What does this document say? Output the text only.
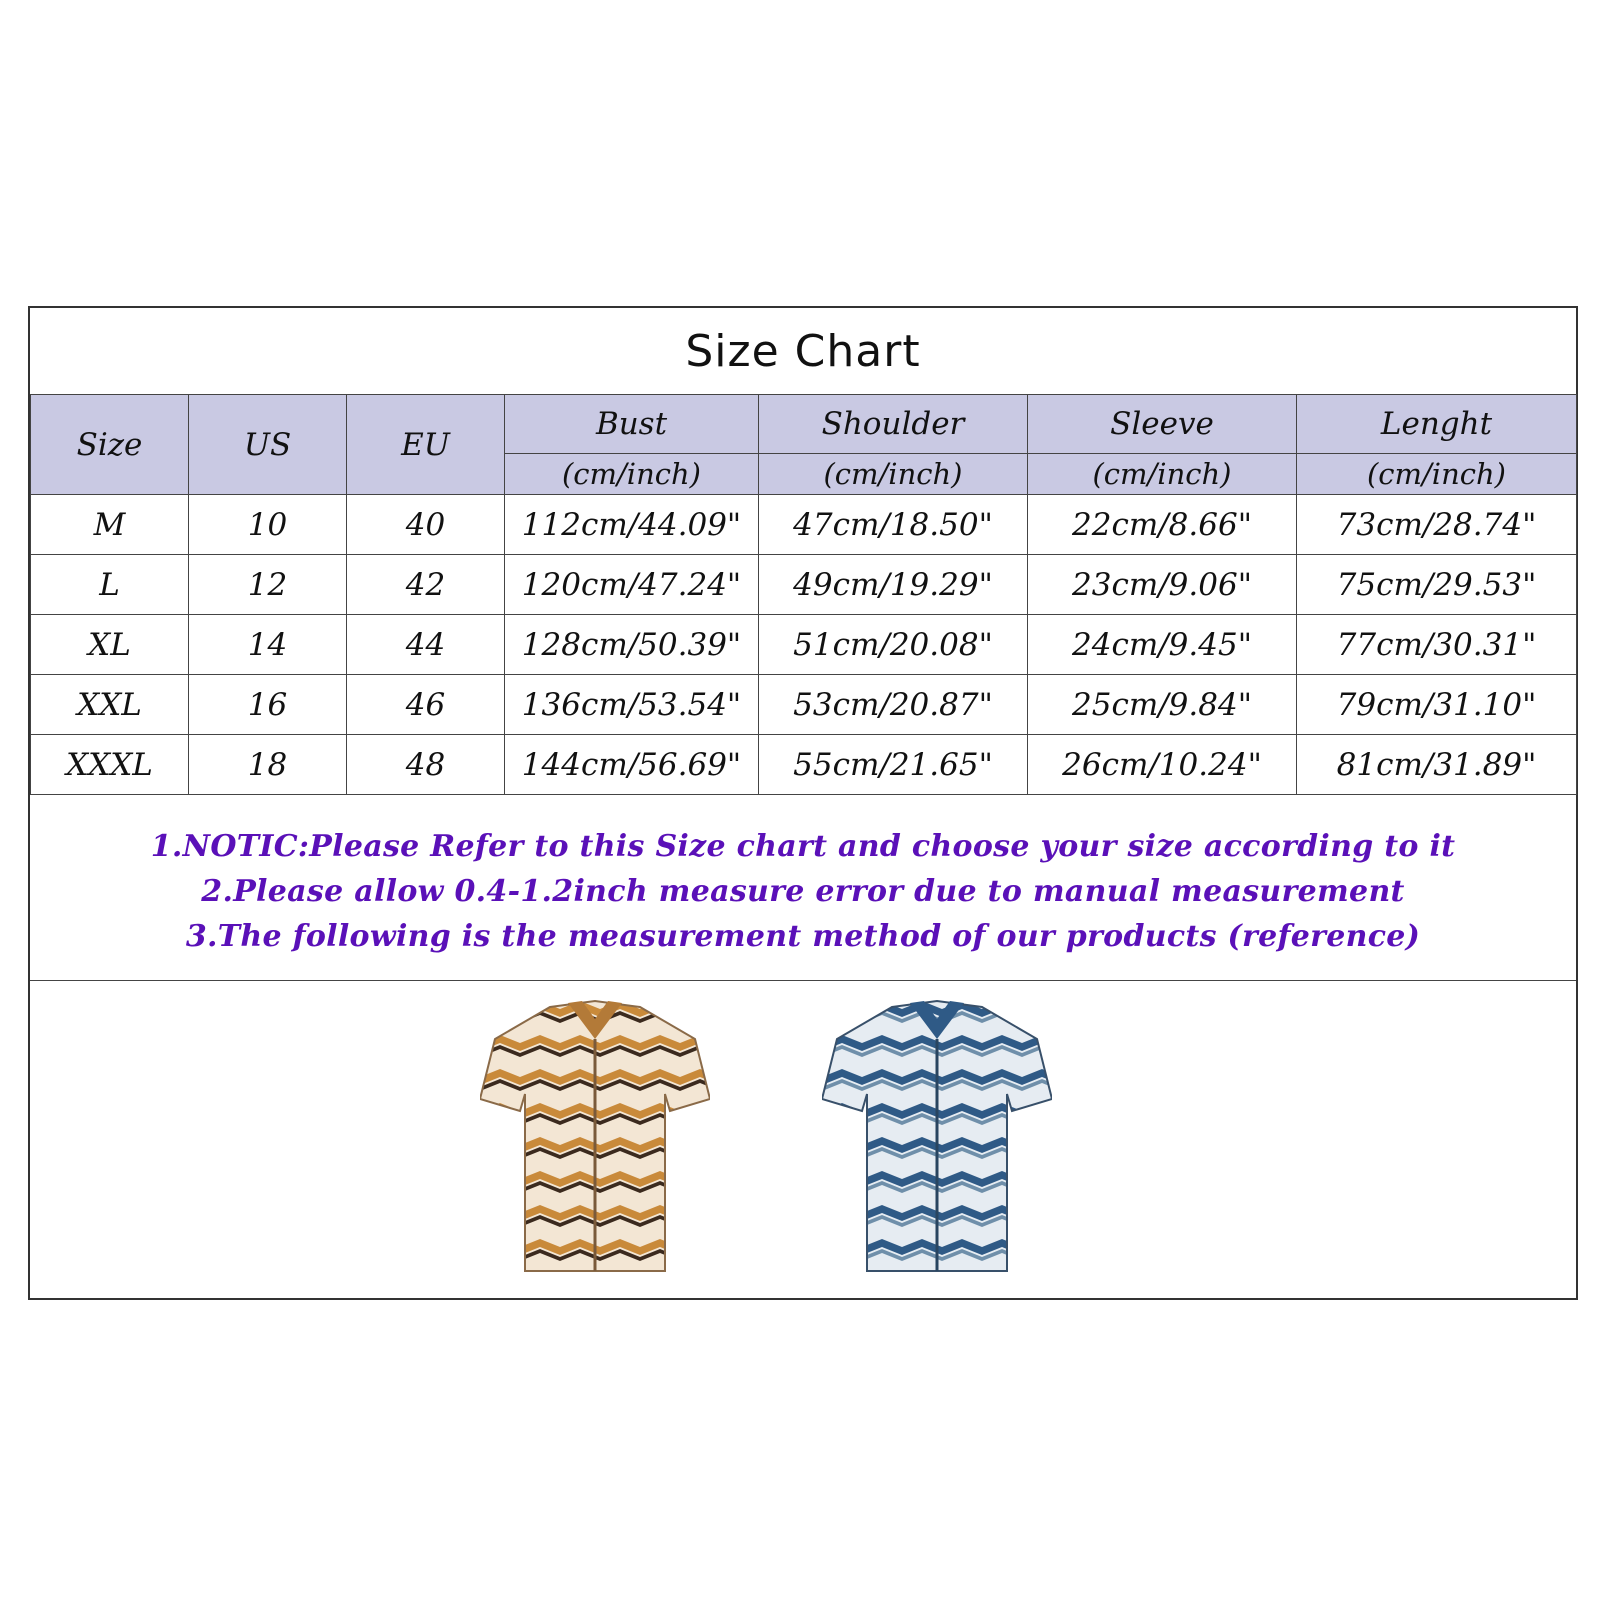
Size Chart
Size	US	EU	Bust	Shoulder	Sleeve	Lenght
			(cm/inch)	(cm/inch)	(cm/inch)	(cm/inch)
M	10	40	112cm/44.09"	47cm/18.50"	22cm/8.66"	73cm/28.74"
L	12	42	120cm/47.24"	49cm/19.29"	23cm/9.06"	75cm/29.53"
XL	14	44	128cm/50.39"	51cm/20.08"	24cm/9.45"	77cm/30.31"
XXL	16	46	136cm/53.54"	53cm/20.87"	25cm/9.84"	79cm/31.10"
XXXL	18	48	144cm/56.69"	55cm/21.65"	26cm/10.24"	81cm/31.89"
1.NOTIC:Please Refer to this Size chart and choose your size according to it
2.Please allow 0.4-1.2inch measure error due to manual measurement
3.The following is the measurement method of our products (reference)
